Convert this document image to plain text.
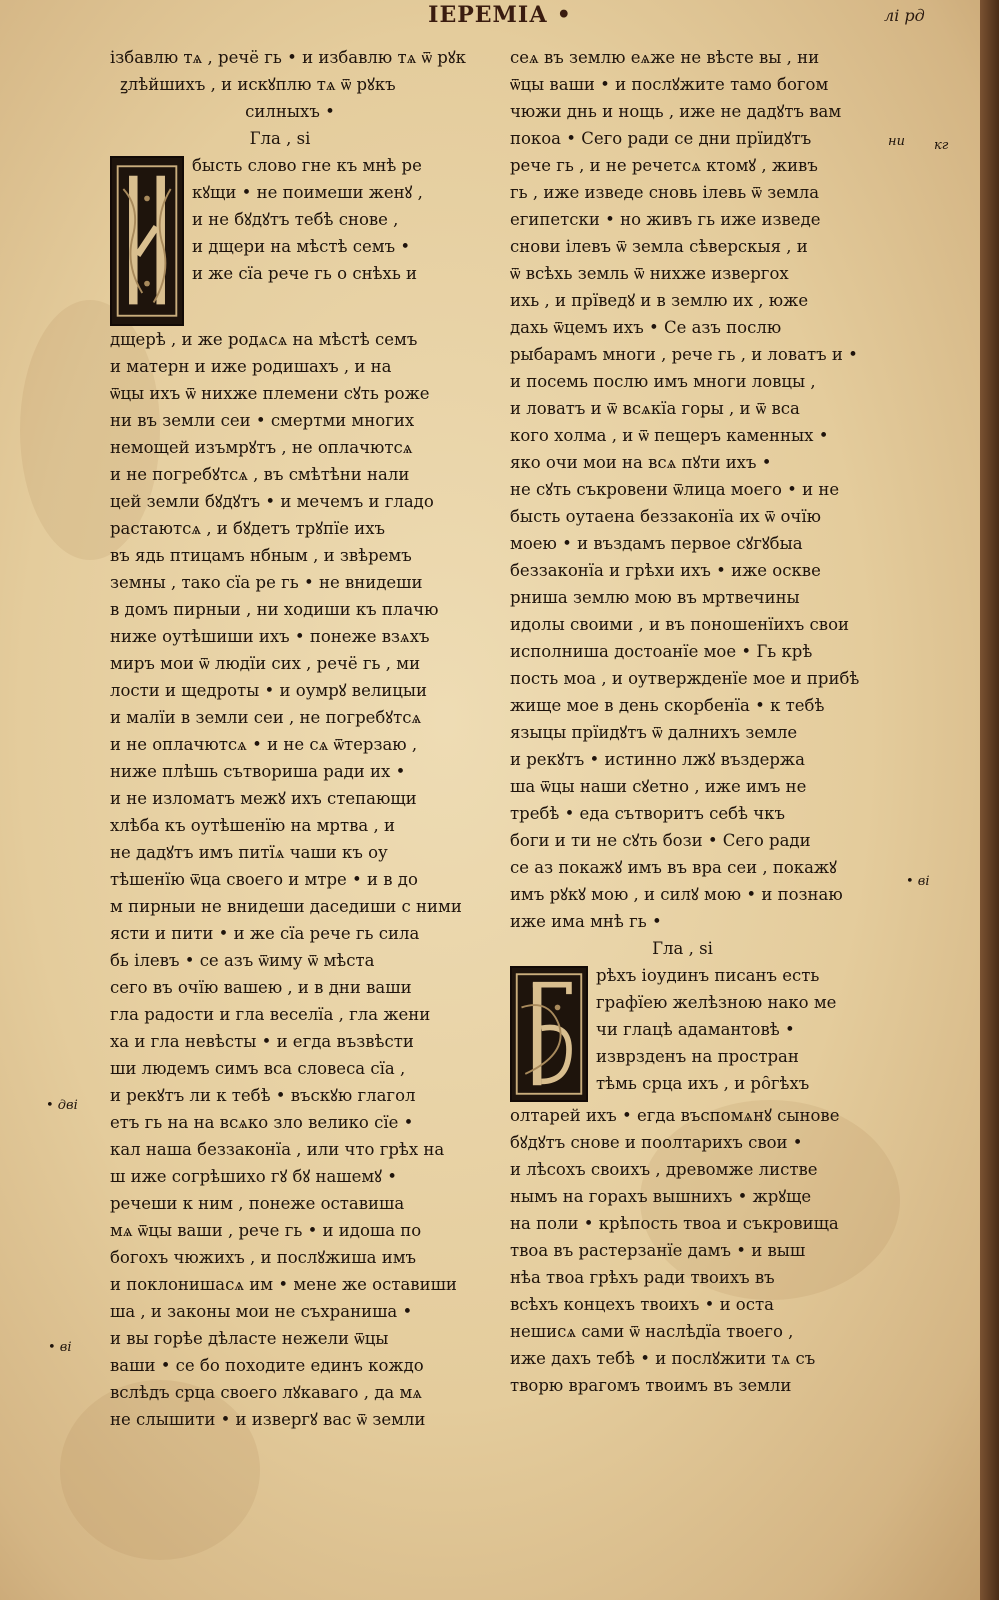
ІЕРЕМІА •	лі рд
ізбавлю тѧ , речё гь • и избавлю тѧ ѿ рꙋк
ꙁлѣйшихъ , и искꙋплю тѧ ѿ рꙋкъ
силныхъ •
Гла , ѕі
бысть слово гне къ мнѣ ре
кꙋщи • не поимеши женꙋ ,
и не бꙋдꙋтъ тебѣ снове ,
и дщери на мѣстѣ семъ •
и же сїа рече гь о снѣхь и
дщерѣ , и же родѧсѧ на мѣстѣ семъ
и матерн и иже родишахъ , и на
ѿцы ихъ ѿ нихже племени сꙋть роже
ни въ земли сеи • смертми многих
немощей изъмрꙋтъ , не оплачютсѧ
и не погребꙋтсѧ , въ смѣтѣни нали
цей земли бꙋдꙋтъ • и мечемъ и гладо
растаютсѧ , и бꙋдетъ трꙋпїе ихъ
въ ядь птицамъ нбным , и звѣремъ
земны , тако сїа ре гь • не внидеши
в домъ пирныи , ни ходиши къ плачю
ниже оутѣшиши ихъ • понеже взѧхъ
миръ мои ѿ людїи сих , речё гь , ми
лости и щедроты • и оумрꙋ велицыи
и малїи в земли сеи , не погребꙋтсѧ
и не оплачютсѧ • и не сѧ ѿтерзаю ,
ниже плѣшь сътвориша ради их •
и не изломатъ межꙋ ихъ степающи
хлѣба къ оутѣшенїю на мртва , и
не дадꙋтъ имъ питїѧ чаши къ оу
тѣшенїю ѿца своего и мтре • и в до
м пирныи не внидеши даседиши с ними
ясти и пити • и же сїа рече гь сила
бь ілевъ • се азъ ѿиму ѿ мѣста
сего въ очїю вашею , и в дни ваши
гла радости и гла веселїа , гла жени
ха и гла невѣсты • и егда възвѣсти
ши людемъ симъ вса словеса сїа ,
и рекꙋтъ ли к тебѣ • въскꙋю глагол
етъ гь на на всѧко зло велико сїе •
кал наша беззаконїа , или что грѣх на
ш иже согрѣшихо гꙋ бꙋ нашемꙋ •
речеши к ним , понеже оставиша
мѧ ѿцы ваши , рече гь • и идоша по
богохъ чюжихъ , и послꙋжиша имъ
и поклонишасѧ им • мене же оставиши
ша , и законы мои не съхраниша •
и вы горѣе дѣласте нежели ѿцы
ваши • се бо походите единъ кождо
вслѣдъ срца своего лꙋкаваго , да мѧ
не слышити • и извергꙋ вас ѿ земли
сеѧ въ землю еѧже не вѣсте вы , ни
ѿцы ваши • и послꙋжите тамо богом
чюжи днь и нощь , иже не дадꙋтъ вам
покоа • Сего ради се дни прїидꙋтъ
рече гь , и не речетсѧ ктомꙋ , живъ
гь , иже изведе сновь ілевь ѿ земла
египетски • но живъ гь иже изведе
снови ілевъ ѿ земла сѣверскыя , и
ѿ всѣхь земль ѿ нихже извергох
ихь , и прїведꙋ и в землю их , юже
дахь ѿцемъ ихъ • Се азъ послю
рыбарамъ многи , рече гь , и ловатъ и •
и посемь послю имъ многи ловцы ,
и ловатъ и ѿ всѧкїа горы , и ѿ вса
кого холма , и ѿ пещеръ каменных •
яко очи мои на всѧ пꙋти ихъ •
не сꙋть съкровени ѿлица моего • и не
бысть оутаена беззаконїа их ѿ очїю
моею • и въздамъ первое сꙋгꙋбыа
беззаконїа и грѣхи ихъ • иже оскве
рниша землю мою въ мртвечины
идолы своими , и въ поношенїихъ свои
исполниша достоанїе мое • Гь крѣ
пость моа , и оутвержденїе мое и прибѣ
жище мое в день скорбенїа • к тебѣ
языцы прїидꙋтъ ѿ далнихъ земле
и рекꙋтъ • истинно лжꙋ въздержа
ша ѿцы наши сꙋетно , иже имъ не
требѣ • еда сътворитъ себѣ чкъ
боги и ти не сꙋть бози • Сего ради
се аз покажꙋ имъ въ вра сеи , покажꙋ
имъ рꙋкꙋ мою , и силꙋ мою • и познаю
иже има мнѣ гь •
Гла , ѕі
рѣхъ іоудинъ писанъ есть
графїею желѣзною нако ме
чи глацѣ адамантовѣ •
изврзденъ на простран
тѣмь срца ихъ , и ро̑гѣхъ
олтарей ихъ • егда въспомѧнꙋ сынове
бꙋдꙋтъ снове и поолтарихъ свои •
и лѣсохъ своихъ , древомже листве
нымъ на горахъ вышнихъ • жрꙋще
на поли • крѣпость твоа и съкровища
твоа въ растерзанїе дамъ • и выш
нѣа твоа грѣхъ ради твоихъ въ
всѣхъ концехъ твоихъ • и оста
нешисѧ сами ѿ наслѣдїа твоего ,
иже дахъ тебѣ • и послꙋжити тѧ съ
творю врагомъ твоимъ въ земли
ни кг
• ві
• дві
• ві
